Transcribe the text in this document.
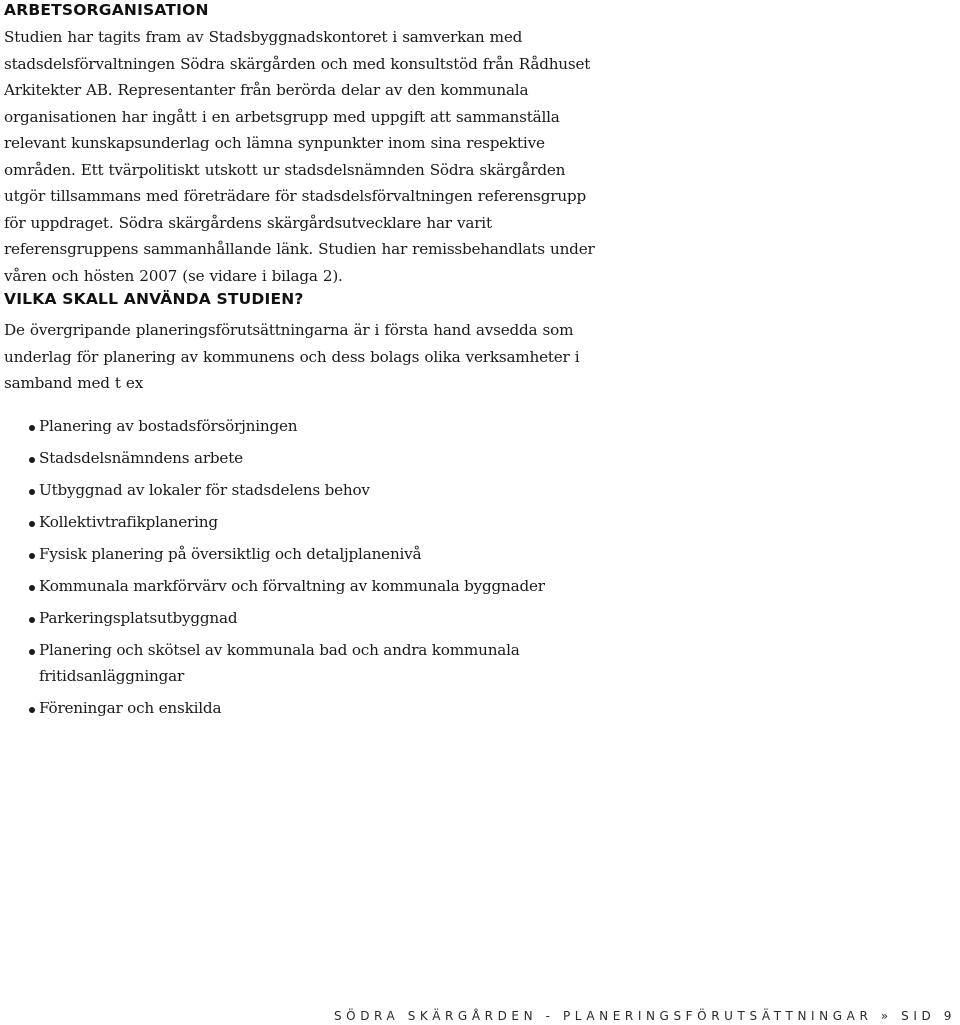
ARBETSORGANISATION

Studien har tagits fram av Stadsbyggnadskontoret i samverkan med stadsdelsförvaltningen Södra skärgården och med konsultstöd från Rådhuset Arkitekter AB. Representanter från berörda delar av den kommunala organisationen har ingått i en arbetsgrupp med uppgift att sammanställa relevant kunskapsunderlag och lämna synpunkter inom sina respektive områden. Ett tvärpolitiskt utskott ur stadsdelsnämnden Södra skärgården utgör tillsammans med företrädare för stadsdelsförvaltningen referensgrupp för uppdraget. Södra skärgårdens skärgårdsutvecklare har varit referensgruppens sammanhållande länk. Studien har remissbehandlats under våren och hösten 2007 (se vidare i bilaga 2).

VILKA SKALL ANVÄNDA STUDIEN?

De övergripande planeringsförutsättningarna är i första hand avsedda som underlag för planering av kommunens och dess bolags olika verksamheter i samband med t ex

Planering av bostadsförsörjningen
Stadsdelsnämndens arbete
Utbyggnad av lokaler för stadsdelens behov
Kollektivtrafikplanering
Fysisk planering på översiktlig och detaljplanenivå
Kommunala markförvärv och förvaltning av kommunala byggnader
Parkeringsplatsutbyggnad
Planering och skötsel av kommunala bad och andra kommunala fritidsanläggningar
Föreningar och enskilda
SÖDRA SKÄRGÅRDEN - PLANERINGSFÖRUTSÄTTNINGAR » SID 9
